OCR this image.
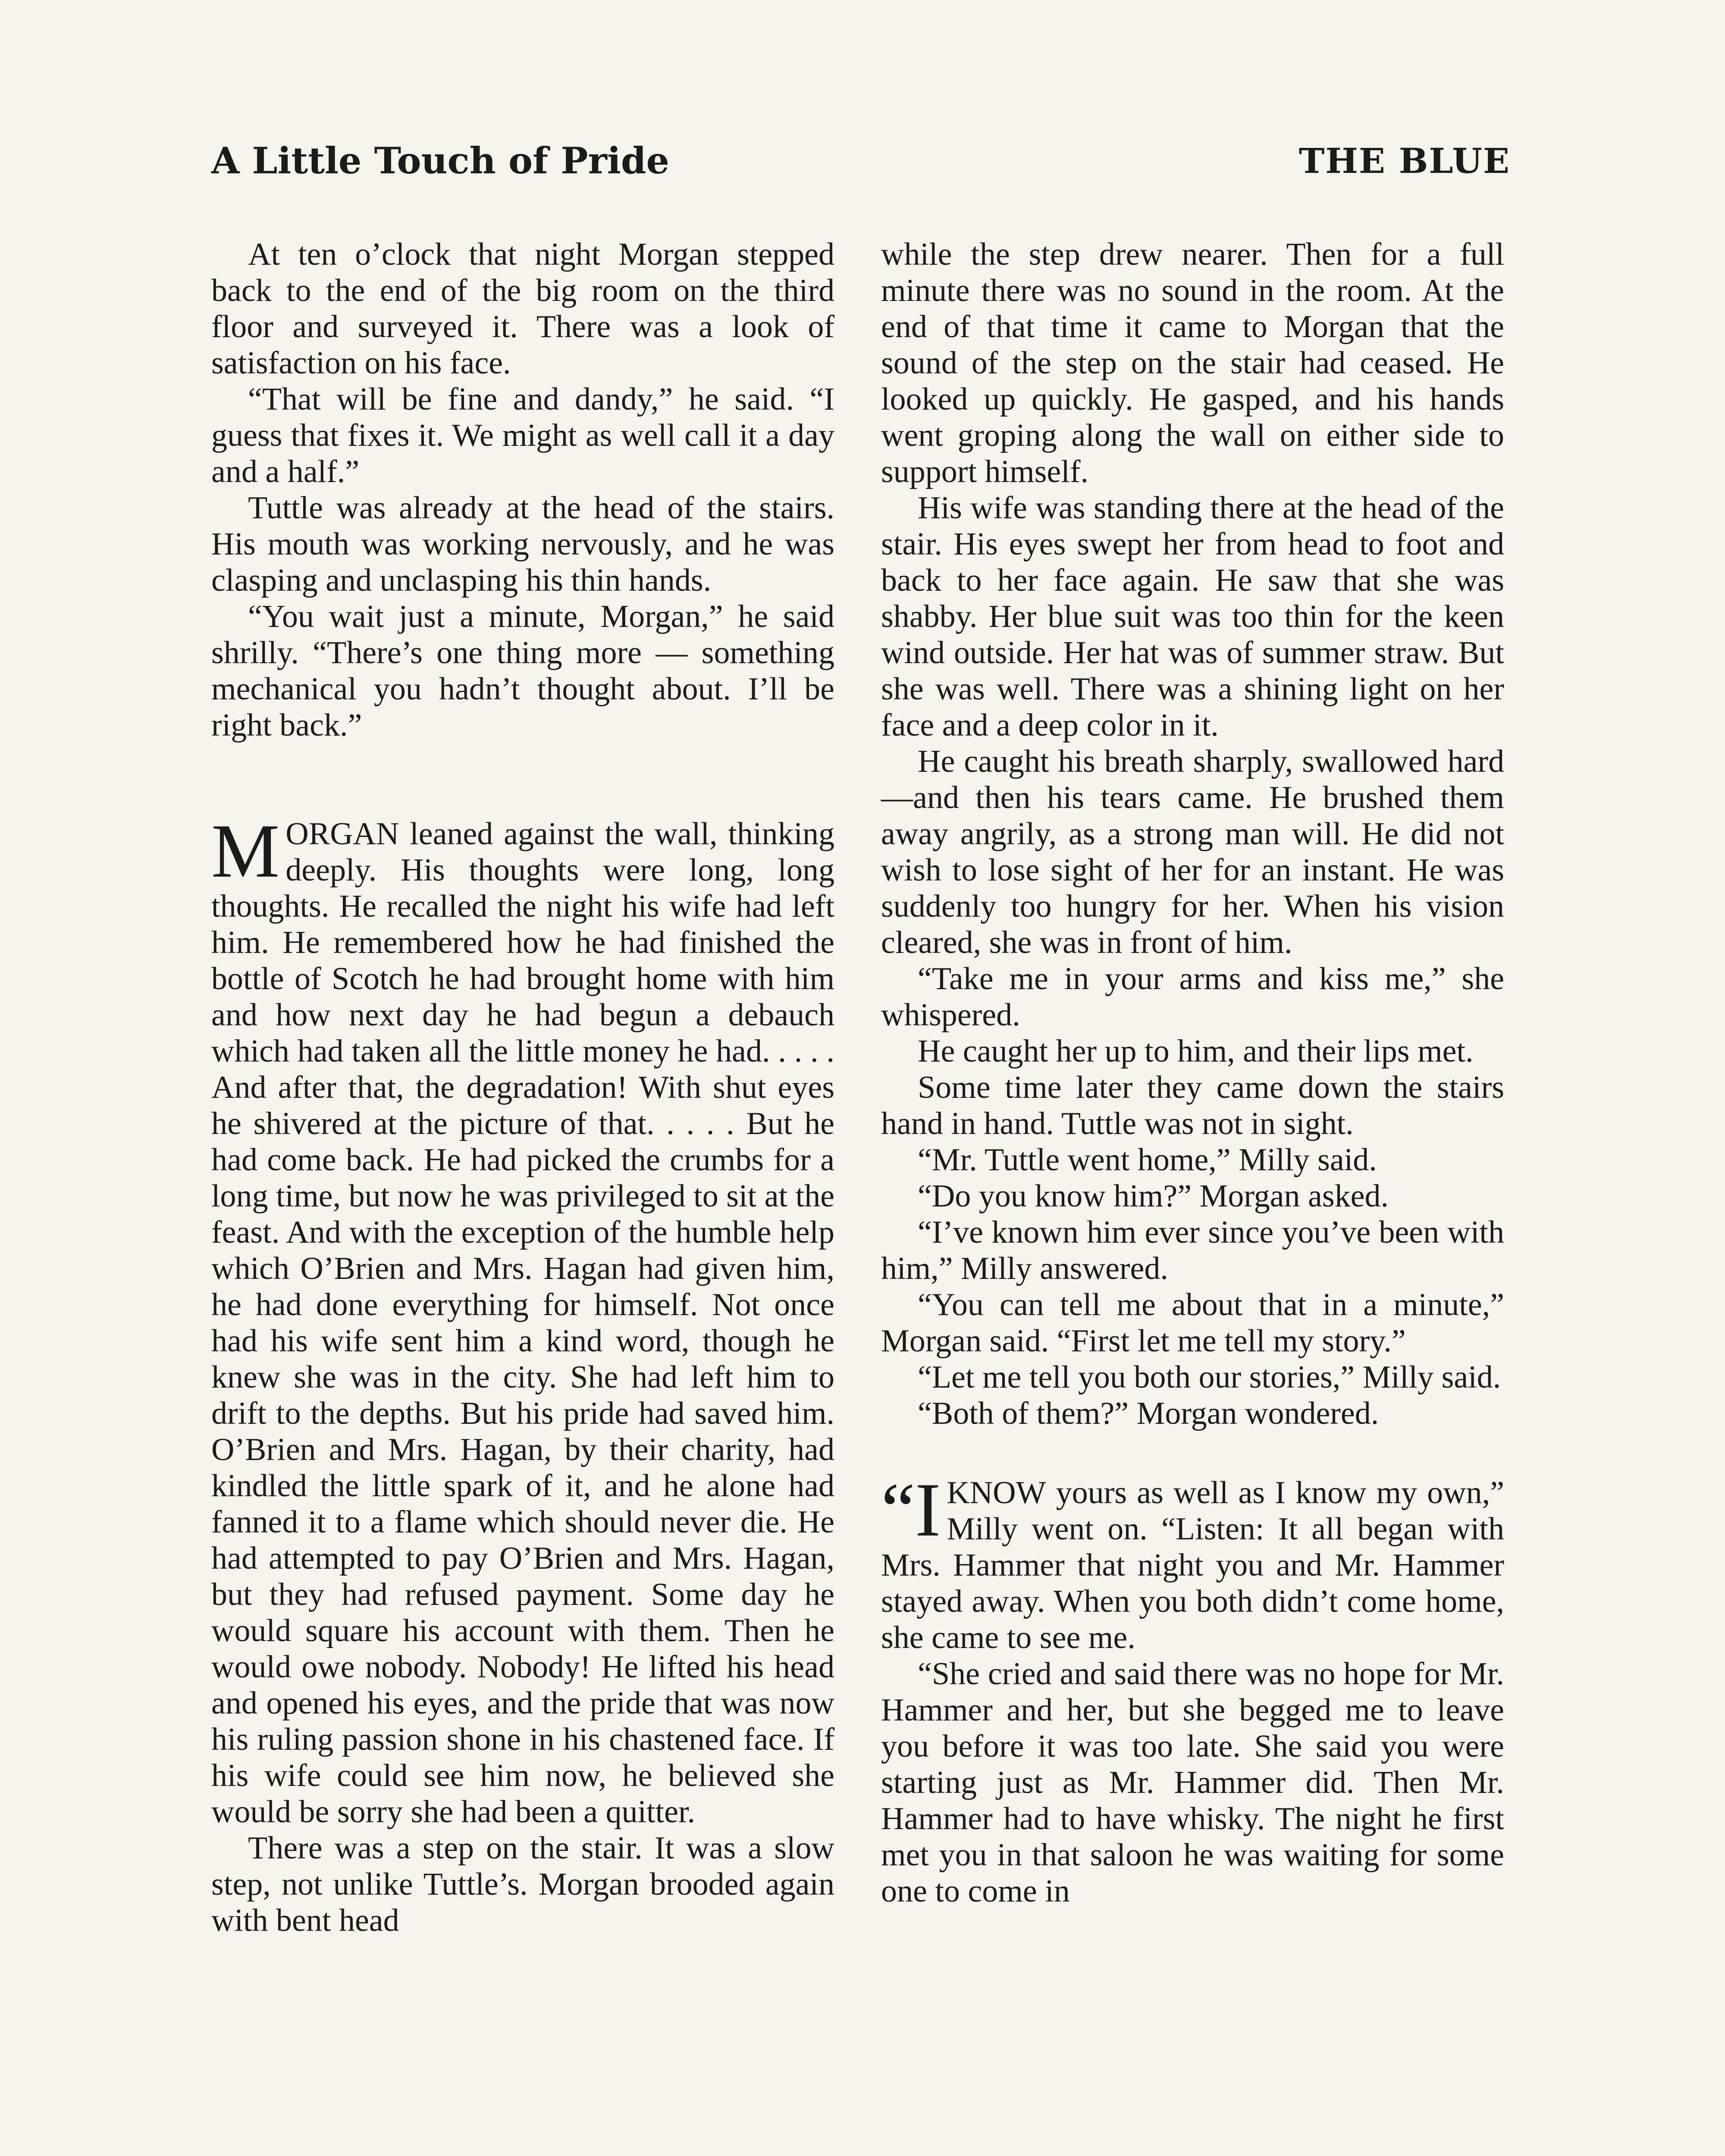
A Little Touch of Pride	THE BLUE

At ten o’clock that night Morgan stepped back to the end of the big room on the third floor and surveyed it. There was a look of satisfaction on his face.

“That will be fine and dandy,” he said. “I guess that fixes it. We might as well call it a day and a half.”

Tuttle was already at the head of the stairs. His mouth was working nervously, and he was clasping and unclasping his thin hands.

“You wait just a minute, Morgan,” he said shrilly. “There’s one thing more — something mechanical you hadn’t thought about. I’ll be right back.”

MORGAN leaned against the wall, thinking deeply. His thoughts were long, long thoughts. He recalled the night his wife had left him. He remembered how he had finished the bottle of Scotch he had brought home with him and how next day he had begun a debauch which had taken all the little money he had. . . . . And after that, the degradation! With shut eyes he shivered at the picture of that. . . . . But he had come back. He had picked the crumbs for a long time, but now he was privileged to sit at the feast. And with the exception of the humble help which O’Brien and Mrs. Hagan had given him, he had done everything for himself. Not once had his wife sent him a kind word, though he knew she was in the city. She had left him to drift to the depths. But his pride had saved him. O’Brien and Mrs. Hagan, by their charity, had kindled the little spark of it, and he alone had fanned it to a flame which should never die. He had attempted to pay O’Brien and Mrs. Hagan, but they had refused payment. Some day he would square his account with them. Then he would owe nobody. Nobody! He lifted his head and opened his eyes, and the pride that was now his ruling passion shone in his chastened face. If his wife could see him now, he believed she would be sorry she had been a quitter.

There was a step on the stair. It was a slow step, not unlike Tuttle’s. Morgan brooded again with bent head

while the step drew nearer. Then for a full minute there was no sound in the room. At the end of that time it came to Morgan that the sound of the step on the stair had ceased. He looked up quickly. He gasped, and his hands went groping along the wall on either side to support himself.

His wife was standing there at the head of the stair. His eyes swept her from head to foot and back to her face again. He saw that she was shabby. Her blue suit was too thin for the keen wind outside. Her hat was of summer straw. But she was well. There was a shining light on her face and a deep color in it.

He caught his breath sharply, swallowed hard—and then his tears came. He brushed them away angrily, as a strong man will. He did not wish to lose sight of her for an instant. He was suddenly too hungry for her. When his vision cleared, she was in front of him.

“Take me in your arms and kiss me,” she whispered.

He caught her up to him, and their lips met.

Some time later they came down the stairs hand in hand. Tuttle was not in sight.

“Mr. Tuttle went home,” Milly said.

“Do you know him?” Morgan asked.

“I’ve known him ever since you’ve been with him,” Milly answered.

“You can tell me about that in a minute,” Morgan said. “First let me tell my story.”

“Let me tell you both our stories,” Milly said.

“Both of them?” Morgan wondered.

“IKNOW yours as well as I know my own,” Milly went on. “Listen: It all began with Mrs. Hammer that night you and Mr. Hammer stayed away. When you both didn’t come home, she came to see me.

“She cried and said there was no hope for Mr. Hammer and her, but she begged me to leave you before it was too late. She said you were starting just as Mr. Hammer did. Then Mr. Hammer had to have whisky. The night he first met you in that saloon he was waiting for some one to come in
